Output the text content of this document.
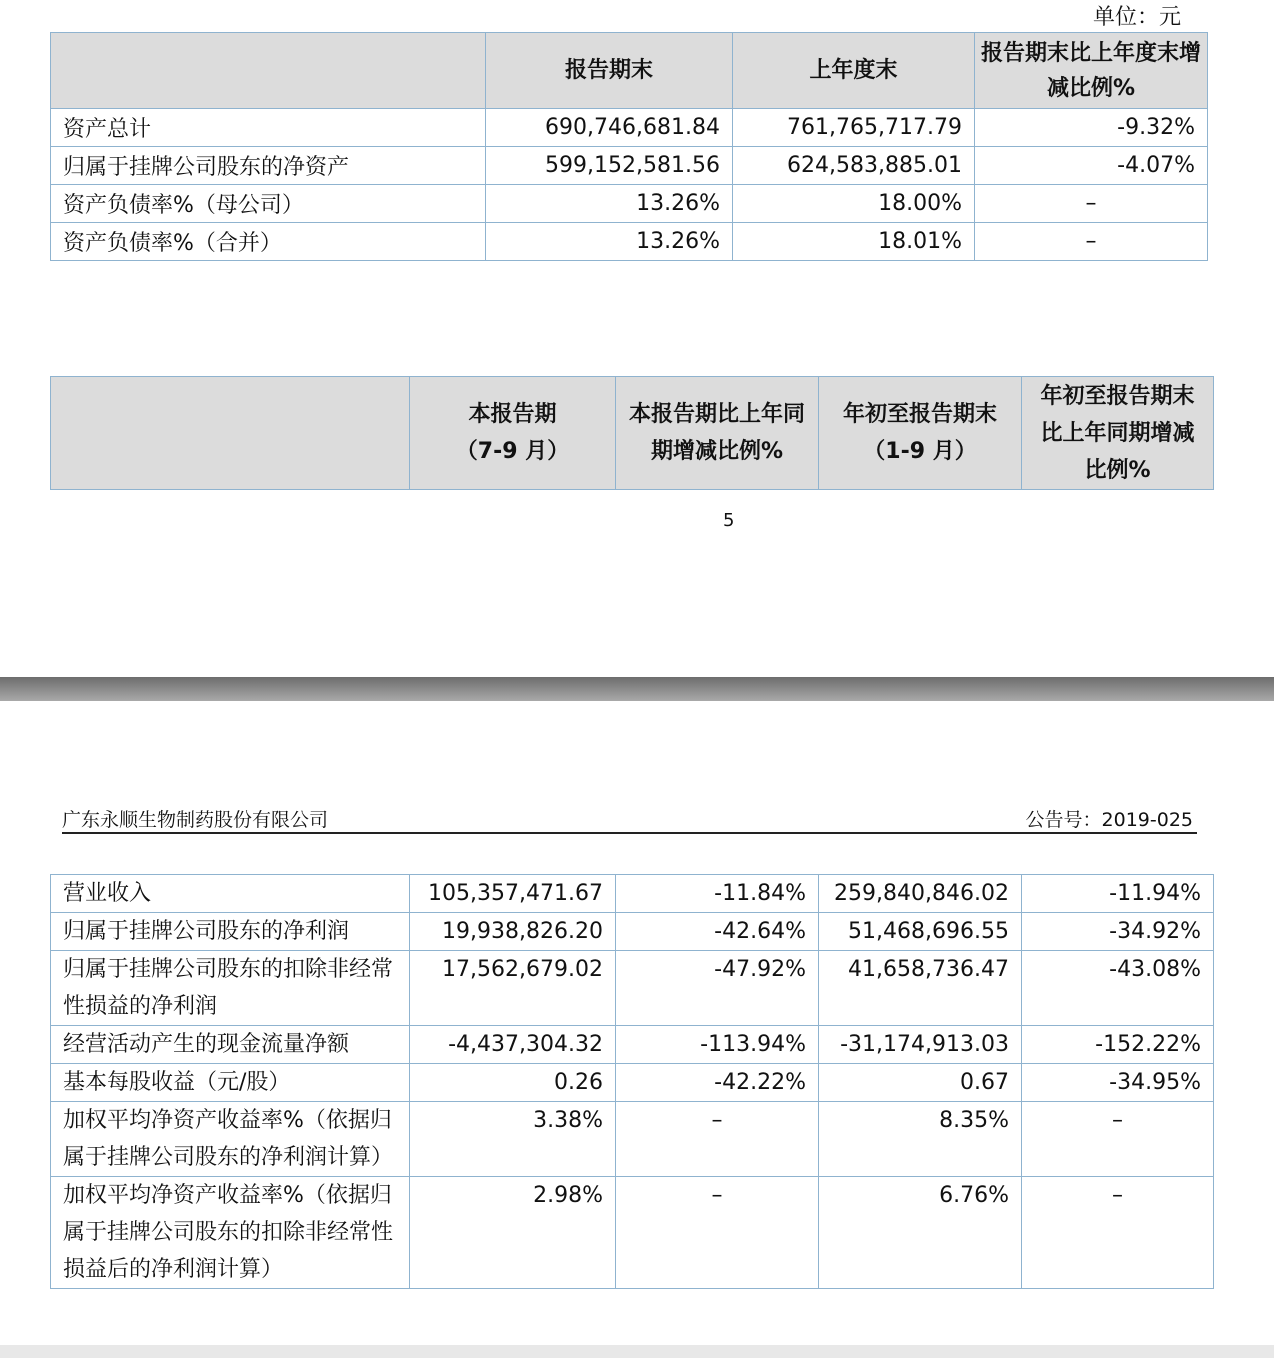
单位：元
	报告期末	上年度末	报告期末比上年度末增减比例%
资产总计	690,746,681.84	761,765,717.79	-9.32%
归属于挂牌公司股东的净资产	599,152,581.56	624,583,885.01	-4.07%
资产负债率%（母公司）	13.26%	18.00%	–
资产负债率%（合并）	13.26%	18.01%	–
	本报告期（7-9 月）	本报告期比上年同期增减比例%	年初至报告期末（1-9 月）	年初至报告期末比上年同期增减比例%
5
广东永顺生物制药股份有限公司	公告号：2019-025
营业收入	105,357,471.67	-11.84%	259,840,846.02	-11.94%
归属于挂牌公司股东的净利润	19,938,826.20	-42.64%	51,468,696.55	-34.92%
归属于挂牌公司股东的扣除非经常性损益的净利润	17,562,679.02	-47.92%	41,658,736.47	-43.08%
经营活动产生的现金流量净额	-4,437,304.32	-113.94%	-31,174,913.03	-152.22%
基本每股收益（元/股）	0.26	-42.22%	0.67	-34.95%
加权平均净资产收益率%（依据归属于挂牌公司股东的净利润计算）	3.38%	–	8.35%	–
加权平均净资产收益率%（依据归属于挂牌公司股东的扣除非经常性损益后的净利润计算）	2.98%	–	6.76%	–
